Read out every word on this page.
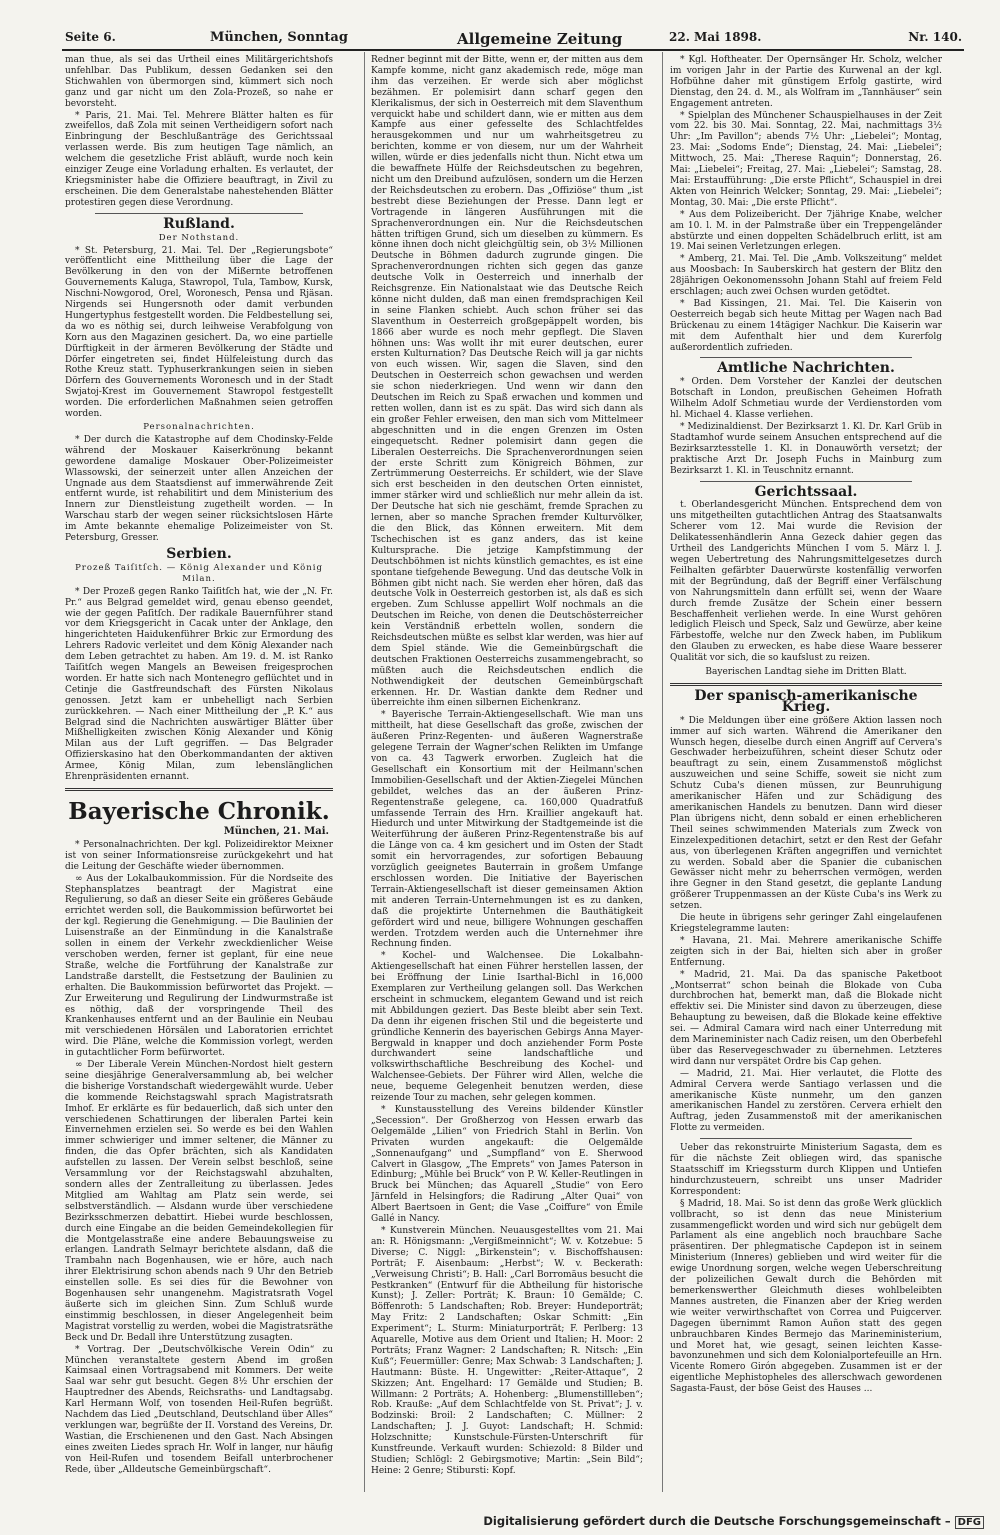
Seite 6.	München, Sonntag	Allgemeine Zeitung	22. Mai 1898.	Nr. 140.

man thue, als sei das Urtheil eines Militärgerichtshofs unfehlbar. Das Publikum, dessen Gedanken sei den Stichwahlen von übermorgen sind, kümmert sich noch ganz und gar nicht um den Zola-Prozeß, so nahe er bevorsteht.

* Paris, 21. Mai. Tel. Mehrere Blätter halten es für zweifellos, daß Zola mit seinen Vertheidigern sofort nach Einbringung der Beschlußanträge des Gerichtssaal verlassen werde. Bis zum heutigen Tage nämlich, an welchem die gesetzliche Frist abläuft, wurde noch kein einziger Zeuge eine Vorladung erhalten. Es verlautet, der Kriegsminister habe die Offiziere beauftragt, in Zivil zu erscheinen. Die dem Generalstabe nahestehenden Blätter protestiren gegen diese Verordnung.

Rußland.
Der Nothstand.

* St. Petersburg, 21. Mai. Tel. Der „Regierungsbote“ veröffentlicht eine Mittheilung über die Lage der Bevölkerung in den von der Mißernte betroffenen Gouvernements Kaluga, Stawropol, Tula, Tambow, Kursk, Nischni-Nowgorod, Orel, Woronesch, Pensa und Rjäsan. Nirgends sei Hungersnoth oder damit verbunden Hungertyphus festgestellt worden. Die Feldbestellung sei, da wo es nöthig sei, durch leihweise Verabfolgung von Korn aus den Magazinen gesichert. Da, wo eine partielle Dürftigkeit in der ärmeren Bevölkerung der Städte und Dörfer eingetreten sei, findet Hülfeleistung durch das Rothe Kreuz statt. Typhuserkrankungen seien in sieben Dörfern des Gouvernements Woronesch und in der Stadt Swjatoj-Krest im Gouvernement Stawropol festgestellt worden. Die erforderlichen Maßnahmen seien getroffen worden.

Personalnachrichten.

* Der durch die Katastrophe auf dem Chodinsky-Felde während der Moskauer Kaiserkrönung bekannt gewordene damalige Moskauer Ober-Polizeimeister Wlassowski, der seinerzeit unter allen Anzeichen der Ungnade aus dem Staatsdienst auf immerwährende Zeit entfernt wurde, ist rehabilitirt und dem Ministerium des Innern zur Dienstleistung zugetheilt worden. — In Warschau starb der wegen seiner rücksichtslosen Härte im Amte bekannte ehemalige Polizeimeister von St. Petersburg, Gresser.

Serbien.
Prozeß Taiſitſch. — König Alexander und König Milan.

* Der Prozeß gegen Ranko Taiſitſch hat, wie der „N. Fr. Pr.“ aus Belgrad gemeldet wird, genau ebenso geendet, wie der gegen Paſitſch. Der radikale Bauernführer stand vor dem Kriegsgericht in Cacak unter der Anklage, den hingerichteten Haidukenführer Brkic zur Ermordung des Lehrers Radovic verleitet und dem König Alexander nach dem Leben getrachtet zu haben. Am 19. d. M. ist Ranko Taiſitſch wegen Mangels an Beweisen freigesprochen worden. Er hatte sich nach Montenegro geflüchtet und in Cetinje die Gastfreundschaft des Fürsten Nikolaus genossen. Jetzt kam er unbehelligt nach Serbien zurückkehren. — Nach einer Mittheilung der „P. K.“ aus Belgrad sind die Nachrichten auswärtiger Blätter über Mißhelligkeiten zwischen König Alexander und König Milan aus der Luft gegriffen. — Das Belgrader Offizierskasino hat den Oberkommandanten der aktiven Armee, König Milan, zum lebenslänglichen Ehrenpräsidenten ernannt.

Bayerische Chronik.
München, 21. Mai.

* Personalnachrichten. Der kgl. Polizeidirektor Meixner ist von seiner Informationsreise zurückgekehrt und hat die Leitung der Geschäfte wieder übernommen.

∞ Aus der Lokalbaukommission. Für die Nordseite des Stephansplatzes beantragt der Magistrat eine Regulierung, so daß an dieser Seite ein größeres Gebäude errichtet werden soll, die Baukommission befürwortet bei der kgl. Regierung die Genehmigung. — Die Baulinien der Luisenstraße an der Einmündung in die Kanalstraße sollen in einem der Verkehr zweckdienlicher Weise verschoben werden, ferner ist geplant, für eine neue Straße, welche die Fortführung der Kanalstraße zur Landstraße darstellt, die Festsetzung der Baulinien zu erhalten. Die Baukommission befürwortet das Projekt. — Zur Erweiterung und Regulirung der Lindwurmstraße ist es nöthig, daß der vorspringende Theil des Krankenhauses entfernt und an der Baulinie ein Neubau mit verschiedenen Hörsälen und Laboratorien errichtet wird. Die Pläne, welche die Kommission vorlegt, werden in gutachtlicher Form befürwortet.

∞ Der Liberale Verein München-Nordost hielt gestern seine diesjährige Generalversammlung ab, bei welcher die bisherige Vorstandschaft wiedergewählt wurde. Ueber die kommende Reichstagswahl sprach Magistratsrath Imhof. Er erklärte es für bedauerlich, daß sich unter den verschiedenen Schattirungen der liberalen Partei kein Einvernehmen erzielen sei. So werde es bei den Wahlen immer schwieriger und immer seltener, die Männer zu finden, die das Opfer brächten, sich als Kandidaten aufstellen zu lassen. Der Verein selbst beschloß, seine Versammlung vor der Reichstagswahl abzuhalten, sondern alles der Zentralleitung zu überlassen. Jedes Mitglied am Wahltag am Platz sein werde, sei selbstverständlich. — Alsdann wurde über verschiedene Bezirksschmerzen debattirt. Hiebei wurde beschlossen, durch eine Eingabe an die beiden Gemeindekollegien für die Montgelasstraße eine andere Bebauungsweise zu erlangen. Landrath Selmayr berichtete alsdann, daß die Trambahn nach Bogenhausen, wie er höre, auch nach ihrer Elektrisirung schon abends nach 9 Uhr den Betrieb einstellen solle. Es sei dies für die Bewohner von Bogenhausen sehr unangenehm. Magistratsrath Vogel äußerte sich im gleichen Sinn. Zum Schluß wurde einstimmig beschlossen, in dieser Angelegenheit beim Magistrat vorstellig zu werden, wobei die Magistratsräthe Beck und Dr. Bedall ihre Unterstützung zusagten.

* Vortrag. Der „Deutschvölkische Verein Odin“ zu München veranstaltete gestern Abend im großen Kaimsaal einen Vortragsabend mit Kommers. Der weite Saal war sehr gut besucht. Gegen 8½ Uhr erschien der Hauptredner des Abends, Reichsraths- und Landtagsabg. Karl Hermann Wolf, von tosenden Heil-Rufen begrüßt. Nachdem das Lied „Deutschland, Deutschland über Alles“ verklungen war, begrüßte der II. Vorstand des Vereins, Dr. Wastian, die Erschienenen und den Gast. Nach Absingen eines zweiten Liedes sprach Hr. Wolf in langer, nur häufig von Heil-Rufen und tosendem Beifall unterbrochener Rede, über „Alldeutsche Gemeinbürgschaft“.

Redner beginnt mit der Bitte, wenn er, der mitten aus dem Kampfe komme, nicht ganz akademisch rede, möge man ihm das verzeihen. Er werde sich aber möglichst bezähmen. Er polemisirt dann scharf gegen den Klerikalismus, der sich in Oesterreich mit dem Slaventhum verquickt habe und schildert dann, wie er mitten aus dem Kampfe aus einer gefesselte des Schlachtfeldes herausgekommen und nur um wahrheitsgetreu zu berichten, komme er von diesem, nur um der Wahrheit willen, würde er dies jedenfalls nicht thun. Nicht etwa um die bewaffnete Hülfe der Reichsdeutschen zu begehren, nicht um den Dreibund aufzulösen, sondern um die Herzen der Reichsdeutschen zu erobern. Das „Offiziöse“ thum „ist bestrebt diese Beziehungen der Presse. Dann legt er Vortragende in längeren Ausführungen mit die Sprachenverordnungen ein. Nur die Reichsdeutschen hätten triftigen Grund, sich um dieselben zu kümmern. Es könne ihnen doch nicht gleichgültig sein, ob 3½ Millionen Deutsche in Böhmen dadurch zugrunde gingen. Die Sprachenverordnungen richten sich gegen das ganze deutsche Volk in Oesterreich und innerhalb der Reichsgrenze. Ein Nationalstaat wie das Deutsche Reich könne nicht dulden, daß man einen fremdsprachigen Keil in seine Flanken schiebt. Auch schon früher sei das Slaventhum in Oesterreich großgepäppelt worden, bis 1866 aber wurde es noch mehr gepflegt. Die Slaven höhnen uns: Was wollt ihr mit eurer deutschen, eurer ersten Kulturnation? Das Deutsche Reich will ja gar nichts von euch wissen. Wir, sagen die Slaven, sind den Deutschen in Oesterreich schon gewachsen und werden sie schon niederkriegen. Und wenn wir dann den Deutschen im Reich zu Spaß erwachen und kommen und retten wollen, dann ist es zu spät. Das wird sich dann als ein großer Fehler erweisen, den man sich vom Mittelmeer abgeschnitten und in die engen Grenzen im Osten eingequetscht. Redner polemisirt dann gegen die Liberalen Oesterreichs. Die Sprachenverordnungen seien der erste Schritt zum Königreich Böhmen, zur Zertrümmerung Oesterreichs. Er schildert, wie der Slave sich erst bescheiden in den deutschen Orten einnistet, immer stärker wird und schließlich nur mehr allein da ist. Der Deutsche hat sich nie geschämt, fremde Sprachen zu lernen, aber so manche Sprachen fremder Kulturvölker, die den Blick, das Können erweitern. Mit dem Tschechischen ist es ganz anders, das ist keine Kultursprache. Die jetzige Kampfstimmung der Deutschböhmen ist nichts künstlich gemachtes, es ist eine spontane tiefgehende Bewegung. Und das deutsche Volk in Böhmen gibt nicht nach. Sie werden eher hören, daß das deutsche Volk in Oesterreich gestorben ist, als daß es sich ergeben. Zum Schlusse appellirt Wolf nochmals an die Deutschen im Reiche, von denen die Deutschösterreicher kein Verständniß erbetteln wollen, sondern die Reichsdeutschen müßte es selbst klar werden, was hier auf dem Spiel stände. Wie die Gemeinbürgschaft die deutschen Fraktionen Oesterreichs zusammengebracht, so müßten auch die Reichsdeutschen endlich die Nothwendigkeit der deutschen Gemeinbürgschaft erkennen. Hr. Dr. Wastian dankte dem Redner und überreichte ihm einen silbernen Eichenkranz.

* Bayerische Terrain-Aktiengesellschaft. Wie man uns mittheilt, hat diese Gesellschaft das große, zwischen der äußeren Prinz-Regenten- und äußeren Wagnerstraße gelegene Terrain der Wagner'schen Relikten im Umfange von ca. 43 Tagwerk erworben. Zugleich hat die Gesellschaft ein Konsortium mit der Heilmann'schen Immobilien-Gesellschaft und der Aktien-Ziegelei München gebildet, welches das an der äußeren Prinz-Regentenstraße gelegene, ca. 160,000 Quadratfuß umfassende Terrain des Hrn. Kraillier angekauft hat. Hiedurch und unter Mitwirkung der Stadtgemeinde ist die Weiterführung der äußeren Prinz-Regentenstraße bis auf die Länge von ca. 4 km gesichert und im Osten der Stadt somit ein hervorragendes, zur sofortigen Bebauung vorzüglich geeignetes Bauterrain in großem Umfange erschlossen worden. Die Initiative der Bayerischen Terrain-Aktiengesellschaft ist dieser gemeinsamen Aktion mit anderen Terrain-Unternehmungen ist es zu danken, daß die projektirte Unternehmen die Bauthätigkeit gefördert wird und neue, billigere Wohnungen geschaffen werden. Trotzdem werden auch die Unternehmer ihre Rechnung finden.

* Kochel- und Walchensee. Die Lokalbahn-Aktiengesellschaft hat einen Führer herstellen lassen, der bei Eröffnung der Linie Isarthal-Bichl in 16,000 Exemplaren zur Vertheilung gelangen soll. Das Werkchen erscheint in schmuckem, elegantem Gewand und ist reich mit Abbildungen geziert. Das Beste bleibt aber sein Text. Da denn ihr eigenen frischen Stil und die begeisterte und gründliche Kennerin des bayerischen Gebirgs Anna Mayer-Bergwald in knapper und doch anziehender Form Poste durchwandert seine landschaftliche und volkswirthschaftliche Beschreibung des Kochel- und Walchensee-Gebiets. Der Führer wird Allen, welche die neue, bequeme Gelegenheit benutzen werden, diese reizende Tour zu machen, sehr gelegen kommen.

* Kunstausstellung des Vereins bildender Künstler „Secession“. Der Großherzog von Hessen erwarb das Oelgemälde „Lilien“ von Friedrich Stahl in Berlin. Von Privaten wurden angekauft: die Oelgemälde „Sonnenaufgang“ und „Sumpfland“ von E. Sherwood Calvert in Glasgow, „The Emprets“ von James Paterson in Edinburg; „Mühle bei Bruck“ von P. W. Keller-Reutlingen in Bruck bei München; das Aquarell „Studie“ von Eero Järnfeld in Helsingfors; die Radirung „Alter Quai“ von Albert Baertsoen in Gent; die Vase „Coiffure“ von Émile Gallé in Nancy.

* Kunstverein München. Neuausgestelltes vom 21. Mai an: R. Hönigsmann: „Vergißmeinnicht“; W. v. Kotzebue: 5 Diverse; C. Niggl: „Birkenstein“; v. Bischoffshausen: Porträt; F. Aisenbaum: „Herbst“; W. v. Beckerath: „Verweisung Christi“; B. Hall: „Carl Borromäus besucht die Pestkranken“ (Entwurf für die Abtheilung für historische Kunst); J. Zeller: Porträt; K. Braun: 10 Gemälde; C. Böffenroth: 5 Landschaften; Rob. Breyer: Hundeporträt; May Fritz: 2 Landschaften; Oskar Schmitt: „Ein Experiment“; L. Sturm: Miniaturporträt; F. Perlberg: 13 Aquarelle, Motive aus dem Orient und Italien; H. Moor: 2 Porträts; Franz Wagner: 2 Landschaften; R. Nitsch: „Ein Kuß“; Feuermüller: Genre; Max Schwab: 3 Landschaften; J. Hautmann: Büste. H. Ungewitter: „Reiter-Attaque“, 2 Skizzen; Ant. Engelhard: 17 Gemälde und Studien; B. Willmann: 2 Porträts; A. Hohenberg: „Blumenstillleben“; Rob. Krauße: „Auf dem Schlachtfelde von St. Privat“; J. v. Bodzinski: Broil: 2 Landschaften; C. Müllner: 2 Landschaften; J. J. Guyot: Landschaft; H. Schmid: Holzschnitte; Kunstschule-Fürsten-Unterschrift für Kunstfreunde. Verkauft wurden: Schiezold: 8 Bilder und Studien; Schlögl: 2 Gebirgsmotive; Martin: „Sein Bild“; Heine: 2 Genre; Stibursti: Kopf.

* Kgl. Hoftheater. Der Opernsänger Hr. Scholz, welcher im vorigen Jahr in der Partie des Kurwenal an der kgl. Hofbühne daher mit günstigem Erfolg gastirte, wird Dienstag, den 24. d. M., als Wolfram im „Tannhäuser“ sein Engagement antreten.

* Spielplan des Münchener Schauspielhauses in der Zeit vom 22. bis 30. Mai. Sonntag, 22. Mai, nachmittags 3½ Uhr: „Im Pavillon“; abends 7½ Uhr: „Liebelei“; Montag, 23. Mai: „Sodoms Ende“; Dienstag, 24. Mai: „Liebelei“; Mittwoch, 25. Mai: „Therese Raquin“; Donnerstag, 26. Mai: „Liebelei“; Freitag, 27. Mai: „Liebelei“; Samstag, 28. Mai: Erstaufführung: „Die erste Pflicht“, Schauspiel in drei Akten von Heinrich Welcker; Sonntag, 29. Mai: „Liebelei“; Montag, 30. Mai: „Die erste Pflicht“.

* Aus dem Polizeibericht. Der 7jährige Knabe, welcher am 10. l. M. in der Palmstraße über ein Treppengeländer abstürzte und einen doppelten Schädelbruch erlitt, ist am 19. Mai seinen Verletzungen erlegen.

* Amberg, 21. Mai. Tel. Die „Amb. Volkszeitung“ meldet aus Moosbach: In Sauberskirch hat gestern der Blitz den 28jährigen Oekonomenssohn Johann Stahl auf freiem Feld erschlagen; auch zwei Ochsen wurden getödtet.

* Bad Kissingen, 21. Mai. Tel. Die Kaiserin von Oesterreich begab sich heute Mittag per Wagen nach Bad Brückenau zu einem 14tägiger Nachkur. Die Kaiserin war mit dem Aufenthalt hier und dem Kurerfolg außerordentlich zufrieden.

Amtliche Nachrichten.

* Orden. Dem Vorsteher der Kanzlei der deutschen Botschaft in London, preußischen Geheimen Hofrath Wilhelm Adolf Schmetiau wurde der Verdienstorden vom hl. Michael 4. Klasse verliehen.

* Medizinaldienst. Der Bezirksarzt 1. Kl. Dr. Karl Grüb in Stadtamhof wurde seinem Ansuchen entsprechend auf die Bezirksarztesstelle 1. Kl. in Donauwörth versetzt; der praktische Arzt Dr. Joseph Fuchs in Mainburg zum Bezirksarzt 1. Kl. in Teuschnitz ernannt.

Gerichtssaal.

t. Oberlandesgericht München. Entsprechend dem von uns mitgetheilten gutachtlichen Antrag des Staatsanwalts Scherer vom 12. Mai wurde die Revision der Delikatessenhändlerin Anna Gezeck dahier gegen das Urtheil des Landgerichts München I vom 5. März l. J. wegen Uebertretung des Nahrungsmittelgesetzes durch Feilhalten gefärbter Dauerwürste kostenfällig verworfen mit der Begründung, daß der Begriff einer Verfälschung von Nahrungsmitteln dann erfüllt sei, wenn der Waare durch fremde Zusätze der Schein einer bessern Beschaffenheit verliehen werde. In eine Wurst gehören lediglich Fleisch und Speck, Salz und Gewürze, aber keine Färbestoffe, welche nur den Zweck haben, im Publikum den Glauben zu erwecken, es habe diese Waare besserer Qualität vor sich, die so kaufslust zu reizen.

Bayerischen Landtag siehe im Dritten Blatt.
Der spanisch-amerikanische Krieg.

* Die Meldungen über eine größere Aktion lassen noch immer auf sich warten. Während die Amerikaner den Wunsch hegen, dieselbe durch einen Angriff auf Cervera's Geschwader herbeizuführen, scheint dieser Schutz oder beauftragt zu sein, einem Zusammenstoß möglichst auszuweichen und seine Schiffe, soweit sie nicht zum Schutz Cuba's dienen müssen, zur Beunruhigung amerikanischer Häfen und zur Schädigung des amerikanischen Handels zu benutzen. Dann wird dieser Plan übrigens nicht, denn sobald er einen erheblicheren Theil seines schwimmenden Materials zum Zweck von Einzelexpeditionen detachirt, setzt er den Rest der Gefahr aus, von überlegenen Kräften angegriffen und vernichtet zu werden. Sobald aber die Spanier die cubanischen Gewässer nicht mehr zu beherrschen vermögen, werden ihre Gegner in den Stand gesetzt, die geplante Landung größerer Truppenmassen an der Küste Cuba's ins Werk zu setzen.

Die heute in übrigens sehr geringer Zahl eingelaufenen Kriegstelegramme lauten:

* Havana, 21. Mai. Mehrere amerikanische Schiffe zeigten sich in der Bai, hielten sich aber in großer Entfernung.

* Madrid, 21. Mai. Da das spanische Paketboot „Montserrat“ schon beinah die Blokade von Cuba durchbrochen hat, bemerkt man, daß die Blokade nicht effektiv sei. Die Minister sind davon zu überzeugen, diese Behauptung zu beweisen, daß die Blokade keine effektive sei. — Admiral Camara wird nach einer Unterredung mit dem Marineminister nach Cadiz reisen, um den Oberbefehl über das Reservegeschwader zu übernehmen. Letzteres wird dann nur verspätet Ordre bis Cap gehen.

— Madrid, 21. Mai. Hier verlautet, die Flotte des Admiral Cervera werde Santiago verlassen und die amerikanische Küste nunmehr, um den ganzen amerikanischen Handel zu zerstören. Cervera erhielt den Auftrag, jeden Zusammenstoß mit der amerikanischen Flotte zu vermeiden.

Ueber das rekonstruirte Ministerium Sagasta, dem es für die nächste Zeit obliegen wird, das spanische Staatsschiff im Kriegssturm durch Klippen und Untiefen hindurchzusteuern, schreibt uns unser Madrider Korrespondent:

§ Madrid, 18. Mai. So ist denn das große Werk glücklich vollbracht, so ist denn das neue Ministerium zusammengeflickt worden und wird sich nur gebügelt dem Parlament als eine angeblich noch brauchbare Sache präsentiren. Der phlegmatische Capdepon ist in seinem Ministerium (Inneres) geblieben und wird weiter für die ewige Unordnung sorgen, welche wegen Ueberschreitung der polizeilichen Gewalt durch die Behörden mit bemerkenswerther Gleichmuth dieses wohlbeleibten Mannes austreten, die Finanzen aber der Krieg werden wie weiter verwirthschaftet von Correa und Puigcerver. Dagegen übernimmt Ramon Auñon statt des gegen unbrauchbaren Kindes Bermejo das Marineministerium, und Moret hat, wie gesagt, seinen leichten Kasse-bavonzunehmen und sich dem Kolonialportefeuille an Hrn. Vicente Romero Girón abgegeben. Zusammen ist er der eigentliche Mephistopheles des allerschwach gewordenen Sagasta-Faust, der böse Geist des Hauses ...

Digitalisierung gefördert durch die Deutsche Forschungsgemeinschaft – DFG
